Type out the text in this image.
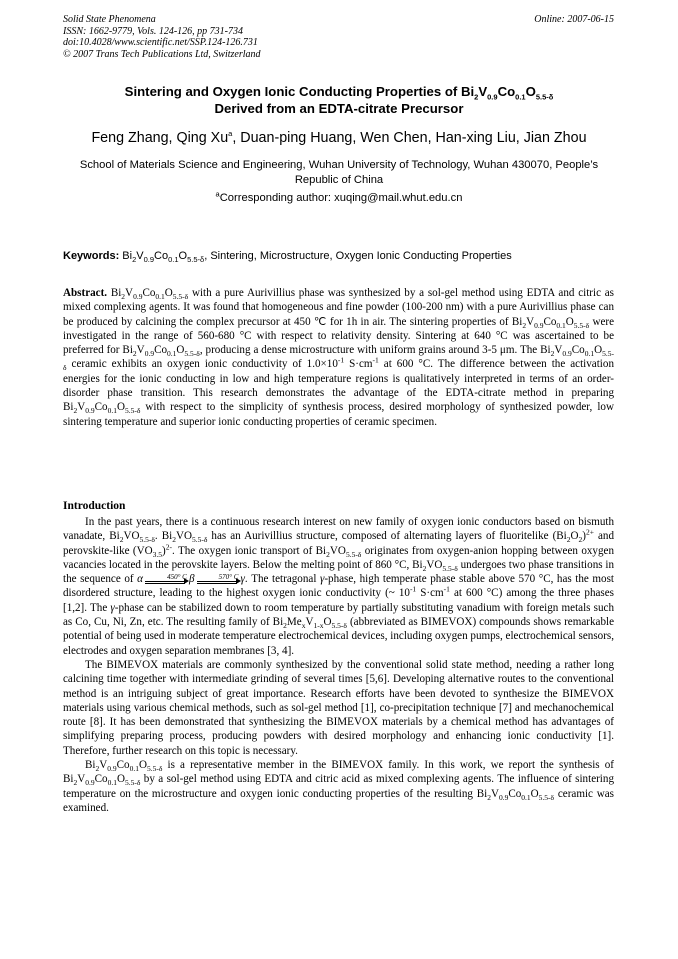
Solid State Phenomena
ISSN: 1662-9779, Vols. 124-126, pp 731-734
doi:10.4028/www.scientific.net/SSP.124-126.731
© 2007 Trans Tech Publications Ltd, Switzerland
Online: 2007-06-15
Sintering and Oxygen Ionic Conducting Properties of $Bi_2V_{0.9}Co_{0.1}O_{5.5-\delta}$
Derived from an EDTA-citrate Precursor
Feng Zhang, Qing Xu$^a$, Duan-ping Huang, Wen Chen, Han-xing Liu, Jian Zhou
School of Materials Science and Engineering, Wuhan University of Technology, Wuhan 430070, People’s Republic of China
$^a$Corresponding author: xuqing@mail.whut.edu.cn
Keywords: $Bi_2V_{0.9}Co_{0.1}O_{5.5-\delta}$, Sintering, Microstructure, Oxygen Ionic Conducting Properties
Abstract. $Bi_2V_{0.9}Co_{0.1}O_{5.5-\delta}$ with a pure Aurivillius phase was synthesized by a sol-gel method using EDTA and citric as mixed complexing agents. It was found that homogeneous and fine powder (100-200 nm) with a pure Aurivillius phase can be produced by calcining the complex precursor at 450 ℃ for 1h in air. The sintering properties of $Bi_2V_{0.9}Co_{0.1}O_{5.5-\delta}$ were investigated in the range of 560-680 °C with respect to relativity density. Sintering at 640 °C was ascertained to be preferred for $Bi_2V_{0.9}Co_{0.1}O_{5.5-\delta}$, producing a dense microstructure with uniform grains around 3-5 μm. The $Bi_2V_{0.9}Co_{0.1}O_{5.5-\delta}$ ceramic exhibits an oxygen ionic conductivity of $1.0\times 10^{-1}$ $S\cdot cm^{-1}$ at 600 °C. The difference between the activation energies for the ionic conducting in low and high temperature regions is qualitatively interpreted in terms of an order-disorder phase transition. This research demonstrates the advantage of the EDTA-citrate method in preparing $Bi_2V_{0.9}Co_{0.1}O_{5.5-\delta}$ with respect to the simplicity of synthesis process, desired morphology of synthesized powder, low sintering temperature and superior ionic conducting properties of ceramic specimen.
Introduction

In the past years, there is a continuous research interest on new family of oxygen ionic conductors based on bismuth vanadate, $Bi_2VO_{5.5-\delta}$. $Bi_2VO_{5.5-\delta}$ has an Aurivillius structure, composed of alternating layers of fluoritelike $(Bi_2O_2)^{2+}$ and perovskite-like $(VO_{3.5})^{2-}$. The oxygen ionic transport of $Bi_2VO_{5.5-\delta}$ originates from oxygen-anion hopping between oxygen vacancies located in the perovskite layers. Below the melting point of 860 °C, $Bi_2VO_{5.5-\delta}$ undergoes two phase transitions in the sequence of α	450° C β	570° C γ. The tetragonal γ-phase, high temperate phase stable above 570 °C, has the most disordered structure, leading to the highest oxygen ionic conductivity (~ $10^{-1}$ $S\cdot cm^{-1}$ at 600 °C) among the three phases [1,2]. The γ-phase can be stabilized down to room temperature by partially substituting vanadium with foreign metals such as Co, Cu, Ni, Zn, etc. The resulting family of $Bi_2Me_xV_{1-x}O_{5.5-\delta}$ (abbreviated as BIMEVOX) compounds shows remarkable potential of being used in moderate temperature electrochemical devices, including oxygen pumps, electrochemical sensors, electrodes and oxygen separation membranes [3, 4].

The BIMEVOX materials are commonly synthesized by the conventional solid state method, needing a rather long calcining time together with intermediate grinding of several times [5,6]. Developing alternative routes to the conventional method is an intriguing subject of great importance. Research efforts have been devoted to synthesize the BIMEVOX materials using various chemical methods, such as sol-gel method [1], co-precipitation technique [7] and mechanochemical route [8]. It has been demonstrated that synthesizing the BIMEVOX materials by a chemical method has advantages of simplifying preparing process, producing powders with desired morphology and enhancing ionic conductivity [1]. Therefore, further research on this topic is necessary.

$Bi_2V_{0.9}Co_{0.1}O_{5.5-\delta}$ is a representative member in the BIMEVOX family. In this work, we report the synthesis of $Bi_2V_{0.9}Co_{0.1}O_{5.5-\delta}$ by a sol-gel method using EDTA and citric acid as mixed complexing agents. The influence of sintering temperature on the microstructure and oxygen ionic conducting properties of the resulting $Bi_2V_{0.9}Co_{0.1}O_{5.5-\delta}$ ceramic was examined.
